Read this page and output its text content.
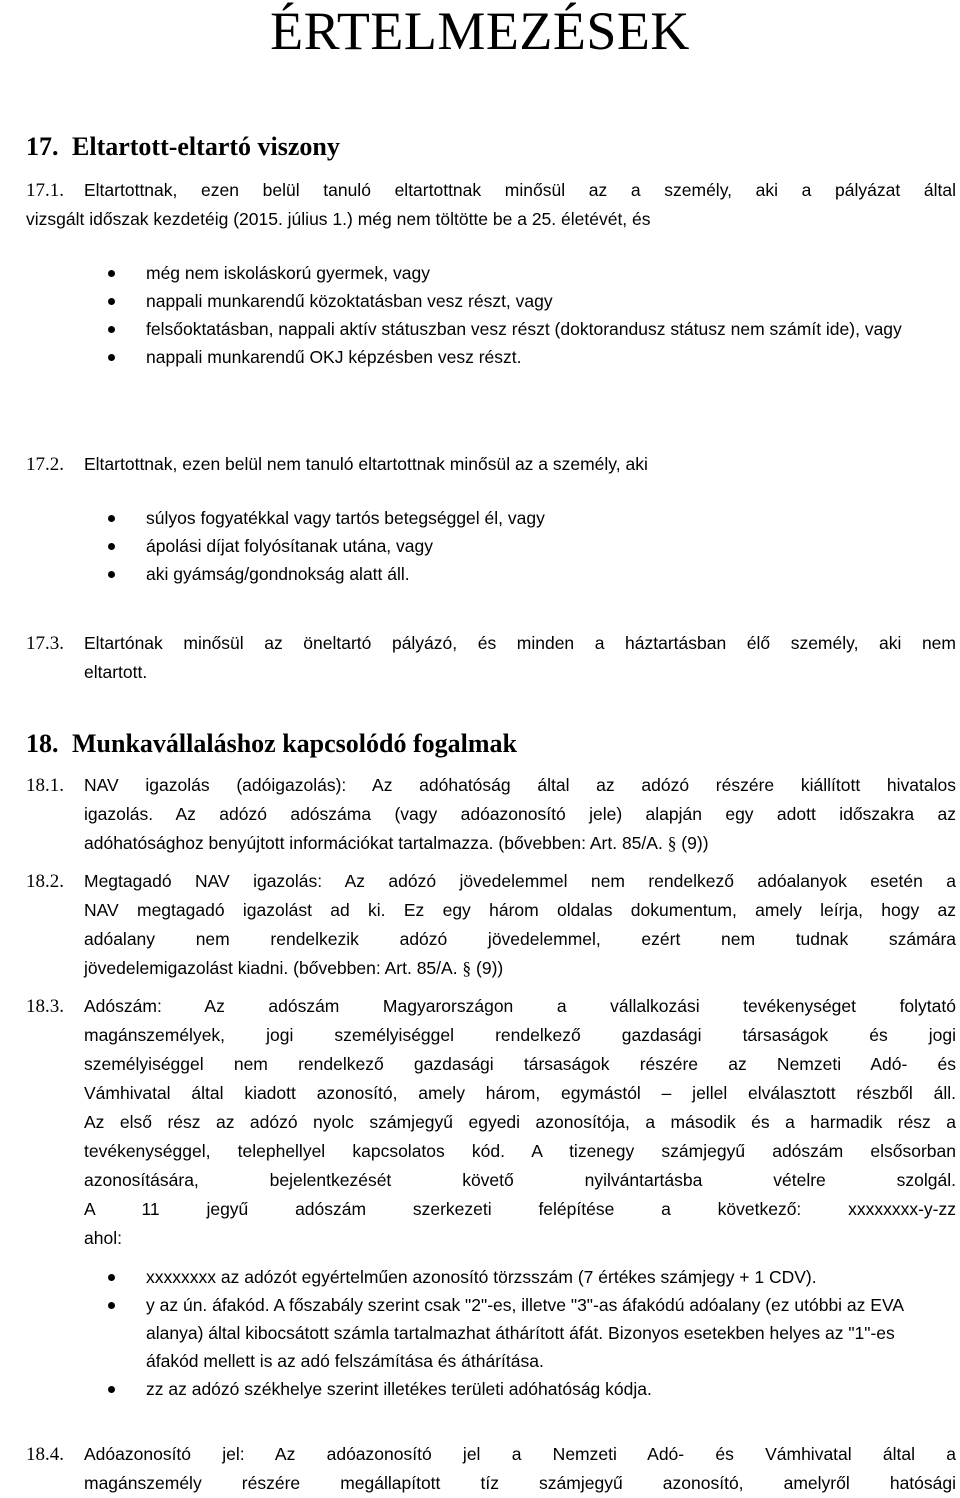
ÉRTELMEZÉSEK
17. Eltartott-eltartó viszony
17.1.	Eltartottnak, ezen belül tanuló eltartottnak minősül az a személy, aki a pályázat által
vizsgált időszak kezdetéig (2015. július 1.) még nem töltötte be a 25. életévét, és
még nem iskoláskorú gyermek, vagy
nappali munkarendű közoktatásban vesz részt, vagy
felsőoktatásban, nappali aktív státuszban vesz részt (doktorandusz státusz nem számít ide), vagy
nappali munkarendű OKJ képzésben vesz részt.
17.2.	Eltartottnak, ezen belül nem tanuló eltartottnak minősül az a személy, aki
súlyos fogyatékkal vagy tartós betegséggel él, vagy
ápolási díjat folyósítanak utána, vagy
aki gyámság/gondnokság alatt áll.
17.3.	Eltartónak minősül az öneltartó pályázó, és minden a háztartásban élő személy, aki nem
eltartott.
18. Munkavállaláshoz kapcsolódó fogalmak
18.1.	NAV igazolás (adóigazolás): Az adóhatóság által az adózó részére kiállított hivatalos
igazolás. Az adózó adószáma (vagy adóazonosító jele) alapján egy adott időszakra az
adóhatósághoz benyújtott információkat tartalmazza. (bővebben: Art. 85/A. § (9))
18.2.	Megtagadó NAV igazolás: Az adózó jövedelemmel nem rendelkező adóalanyok esetén a
NAV megtagadó igazolást ad ki. Ez egy három oldalas dokumentum, amely leírja, hogy az
adóalany nem rendelkezik adózó jövedelemmel, ezért nem tudnak számára
jövedelemigazolást kiadni. (bővebben: Art. 85/A. § (9))
18.3.	Adószám: Az adószám Magyarországon a vállalkozási tevékenységet folytató
magánszemélyek, jogi személyiséggel rendelkező gazdasági társaságok és jogi
személyiséggel nem rendelkező gazdasági társaságok részére az Nemzeti Adó- és
Vámhivatal által kiadott azonosító, amely három, egymástól – jellel elválasztott részből áll.
Az első rész az adózó nyolc számjegyű egyedi azonosítója, a második és a harmadik rész a
tevékenységgel, telephellyel kapcsolatos kód. A tizenegy számjegyű adószám elsősorban
azonosítására, bejelentkezését követő nyilvántartásba vételre szolgál.
A 11 jegyű adószám szerkezeti felépítése a következő: xxxxxxxx-y-zz
ahol:
xxxxxxxx az adózót egyértelműen azonosító törzsszám (7 értékes számjegy + 1 CDV).
y az ún. áfakód. A főszabály szerint csak "2"-es, illetve "3"-as áfakódú adóalany (ez utóbbi az EVA alanya) által kibocsátott számla tartalmazhat áthárított áfát. Bizonyos esetekben helyes az "1"-es áfakód mellett is az adó felszámítása és áthárítása.
zz az adózó székhelye szerint illetékes területi adóhatóság kódja.
18.4.	Adóazonosító jel: Az adóazonosító jel a Nemzeti Adó- és Vámhivatal által a
magánszemély részére megállapított tíz számjegyű azonosító, amelyről hatósági
